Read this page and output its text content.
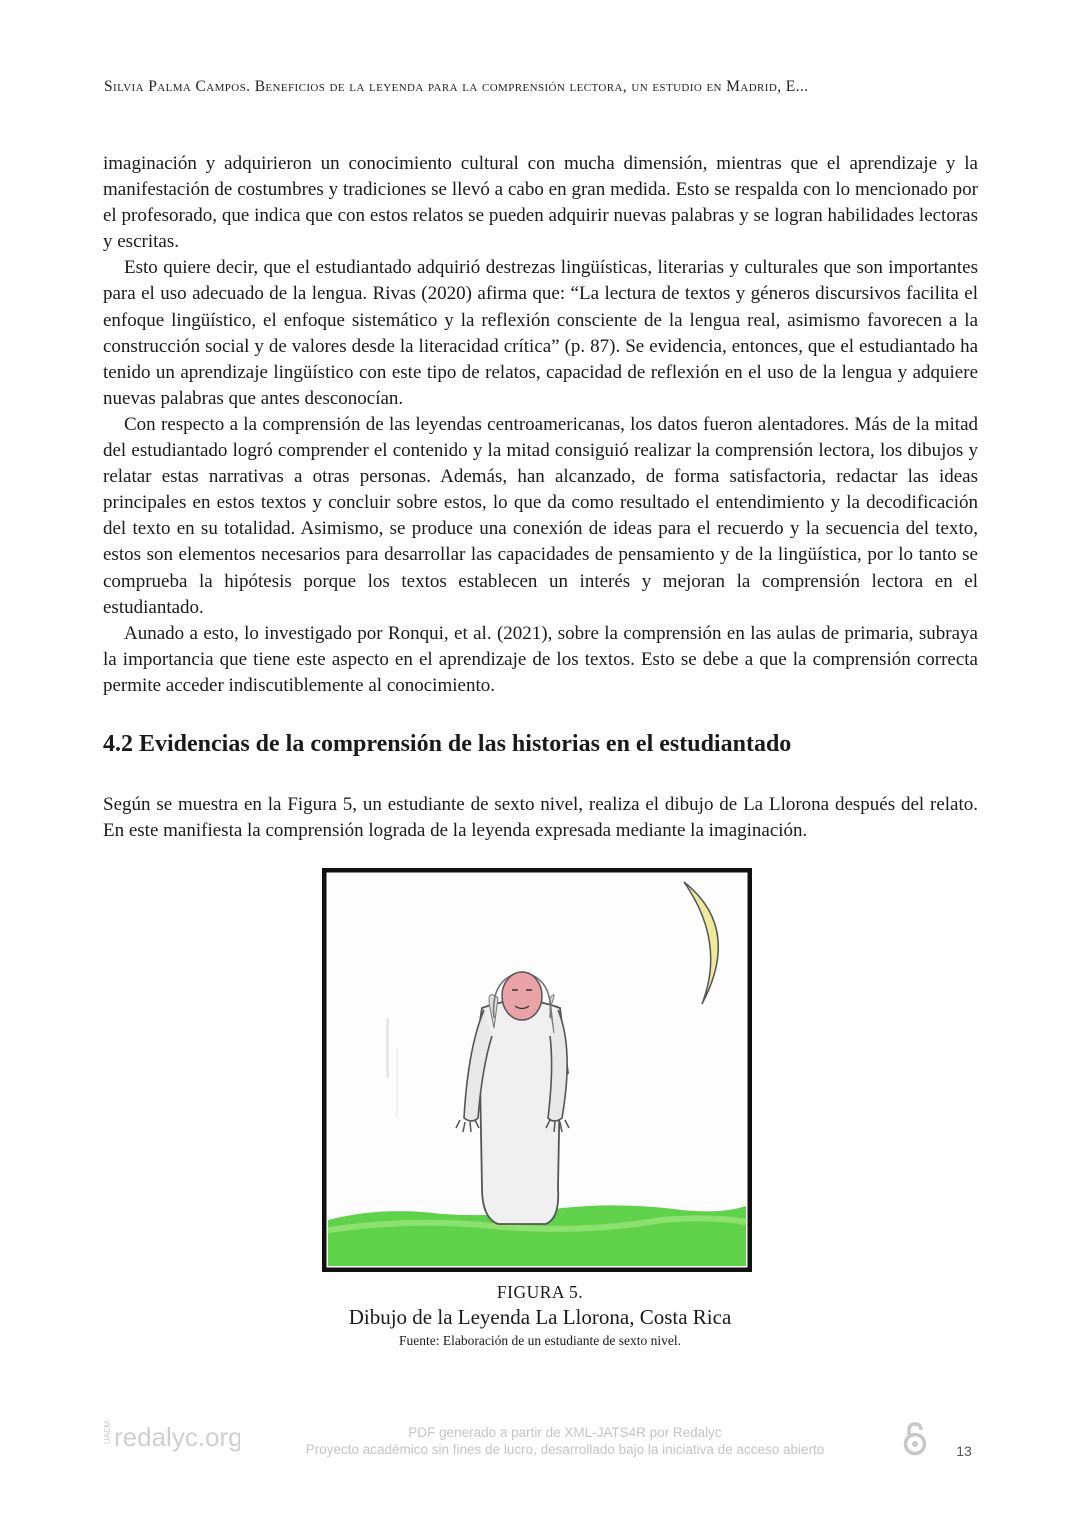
Silvia Palma Campos. Beneficios de la leyenda para la comprensión lectora, un estudio en Madrid, E...

imaginación y adquirieron un conocimiento cultural con mucha dimensión, mientras que el aprendizaje y la manifestación de costumbres y tradiciones se llevó a cabo en gran medida. Esto se respalda con lo mencionado por el profesorado, que indica que con estos relatos se pueden adquirir nuevas palabras y se logran habilidades lectoras y escritas.

Esto quiere decir, que el estudiantado adquirió destrezas lingüísticas, literarias y culturales que son importantes para el uso adecuado de la lengua. Rivas (2020) afirma que: “La lectura de textos y géneros discursivos facilita el enfoque lingüístico, el enfoque sistemático y la reflexión consciente de la lengua real, asimismo favorecen a la construcción social y de valores desde la literacidad crítica” (p. 87). Se evidencia, entonces, que el estudiantado ha tenido un aprendizaje lingüístico con este tipo de relatos, capacidad de reflexión en el uso de la lengua y adquiere nuevas palabras que antes desconocían.

Con respecto a la comprensión de las leyendas centroamericanas, los datos fueron alentadores. Más de la mitad del estudiantado logró comprender el contenido y la mitad consiguió realizar la comprensión lectora, los dibujos y relatar estas narrativas a otras personas. Además, han alcanzado, de forma satisfactoria, redactar las ideas principales en estos textos y concluir sobre estos, lo que da como resultado el entendimiento y la decodificación del texto en su totalidad. Asimismo, se produce una conexión de ideas para el recuerdo y la secuencia del texto, estos son elementos necesarios para desarrollar las capacidades de pensamiento y de la lingüística, por lo tanto se comprueba la hipótesis porque los textos establecen un interés y mejoran la comprensión lectora en el estudiantado.

Aunado a esto, lo investigado por Ronqui, et al. (2021), sobre la comprensión en las aulas de primaria, subraya la importancia que tiene este aspecto en el aprendizaje de los textos. Esto se debe a que la comprensión correcta permite acceder indiscutiblemente al conocimiento.

4.2 Evidencias de la comprensión de las historias en el estudiantado

Según se muestra en la Figura 5, un estudiante de sexto nivel, realiza el dibujo de La Llorona después del relato. En este manifiesta la comprensión lograda de la leyenda expresada mediante la imaginación.

FIGURA 5.
Dibujo de la Leyenda La Llorona, Costa Rica
Fuente: Elaboración de un estudiante de sexto nivel.
UAEM redalyc.org	PDF generado a partir de XML-JATS4R por Redalyc
Proyecto académico sin fines de lucro, desarrollado bajo la iniciativa de acceso abierto	13
